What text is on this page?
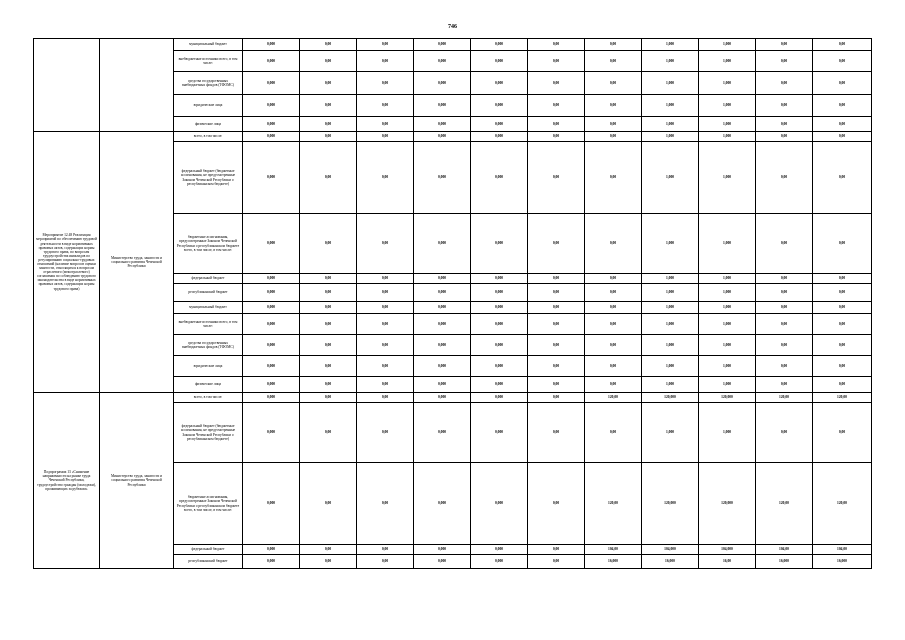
746
		муниципальный бюджет	0,000	0,00	0,00	0,000	0,000	0,00	0,00	1,000	1,000	0,00	0,00
		внебюджетные источники всего, в том числе:	0,000	0,00	0,00	0,000	0,000	0,00	0,00	1,000	1,000	0,00	0,00
		средства государственных внебюджетных фондов (ТФОМС)	0,000	0,00	0,00	0,000	0,000	0,00	0,00	1,000	1,000	0,00	0,00
		юридические лица	0,000	0,00	0,00	0,000	0,000	0,00	0,00	1,000	1,000	0,00	0,00
		физические лица	0,000	0,00	0,00	0,000	0,000	0,00	0,00	1,000	1,000	0,00	0,00
Мероприятие 12.48 Реализация мероприятий по обеспечению трудовой деятельности в виде нормативных правовых актов, содержащих нормы трудового права, по вопросам трудоустройства инвалидов по регулированию социально-трудовых отношений (наличие вопросов оценки занятости, относящихся к вопросам отраслевого (межотраслевого) соглашения по соблюдению трудового законодательства в виде нормативных правовых актов, содержащих нормы трудового права)	Министерство труда, занятости и социального развития Чеченской Республики	всего, в том числе:	0,000	0,00	0,00	0,000	0,000	0,00	0,00	1,000	1,000	0,00	0,00
		федеральный бюджет (бюджетные ассигнования, не предусмотренные Законом Чеченской Республики о республиканском бюджете)	0,000	0,00	0,00	0,000	0,000	0,00	0,00	1,000	1,000	0,00	0,00
		бюджетные ассигнования, предусмотренные Законом Чеченской Республики о республиканском бюджете всего, в том числе, в том числе:	0,000	0,00	0,00	0,000	0,000	0,00	0,00	1,000	1,000	0,00	0,00
		федеральный бюджет	0,000	0,00	0,00	0,000	0,000	0,00	0,00	1,000	1,000	0,00	0,00
		республиканский бюджет	0,000	0,00	0,00	0,000	0,000	0,00	0,00	1,000	1,000	0,00	0,00
		муниципальный бюджет	0,000	0,00	0,00	0,000	0,000	0,00	0,00	1,000	1,000	0,00	0,00
		внебюджетные источники всего, в том числе:	0,000	0,00	0,00	0,000	0,000	0,00	0,00	1,000	1,000	0,00	0,00
		средства государственных внебюджетных фондов (ТФОМС)	0,000	0,00	0,00	0,000	0,000	0,00	0,00	1,000	1,000	0,00	0,00
		юридические лица	0,000	0,00	0,00	0,000	0,000	0,00	0,00	1,000	1,000	0,00	0,00
		физические лица	0,000	0,00	0,00	0,000	0,000	0,00	0,00	1,000	1,000	0,00	0,00
Подпрограмма 13 «Снижение напряженности на рынке труда Чеченской Республики, трудоустройство граждан (молодежи), проживающих за рубежом»	Министерство труда, занятости и социального развития Чеченской Республики	всего, в том числе:	0,000	0,00	0,00	0,000	0,000	0,00	120,00	120,000	120,000	120,00	120,00
		федеральный бюджет (бюджетные ассигнования, не предусмотренные Законом Чеченской Республики о республиканском бюджете)	0,000	0,00	0,00	0,000	0,000	0,00	0,00	1,000	1,000	0,00	0,00
		бюджетные ассигнования, предусмотренные Законом Чеченской Республики о республиканском бюджете всего, в том числе, в том числе:	0,000	0,00	0,00	0,000	0,000	0,00	120,00	120,000	120,000	120,00	120,00
		федеральный бюджет	0,000	0,00	0,00	0,000	0,000	0,00	104,00	104,000	104,000	104,00	104,00
		республиканский бюджет	0,000	0,00	0,00	0,000	0,000	0,00	16,000	16,000	16,00	16,000	16,000
